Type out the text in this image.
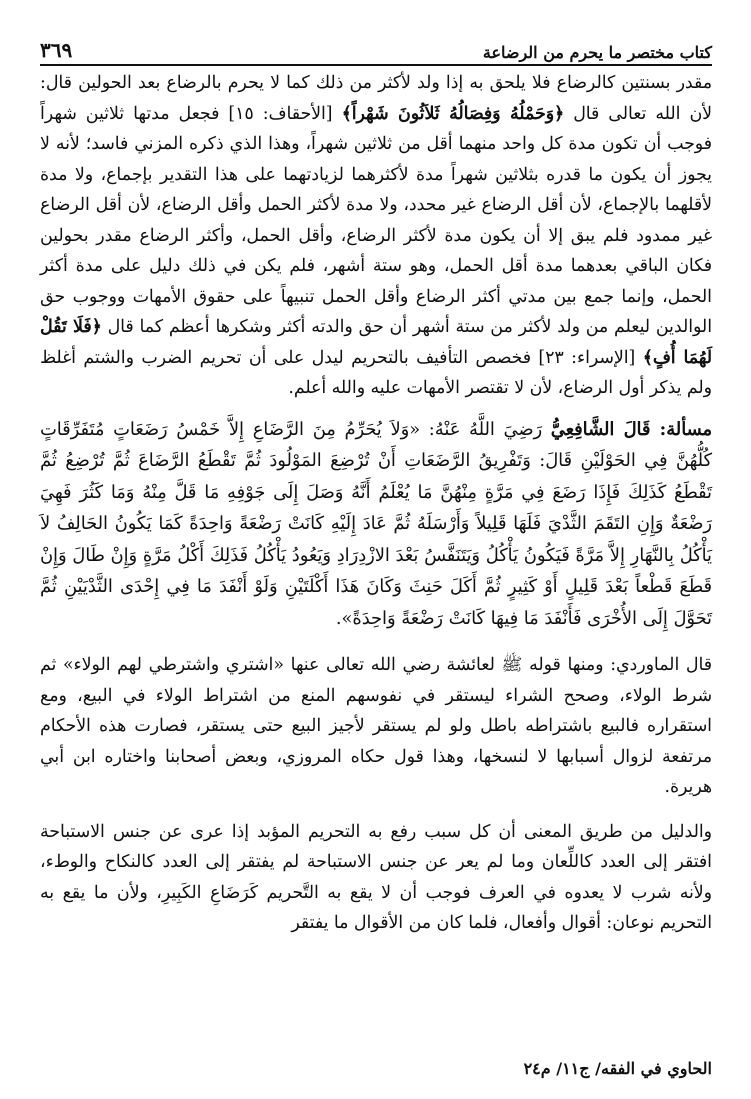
كتاب مختصر ما يحرم من الرضاعة
٣٦٩

مقدر بسنتين كالرضاع فلا يلحق به إذا ولد لأكثر من ذلك كما لا يحرم بالرضاع بعد الحولين قال: لأن الله تعالى قال ﴿وَحَمْلُهُ وَفِصَالُهُ ثَلاَثُونَ شَهْراً﴾ [الأحقاف: ١٥] فجعل مدتها ثلاثين شهراً فوجب أن تكون مدة كل واحد منهما أقل من ثلاثين شهراً، وهذا الذي ذكره المزني فاسد؛ لأنه لا يجوز أن يكون ما قدره بثلاثين شهراً مدة لأكثرهما لزيادتهما على هذا التقدير بإجماع، ولا مدة لأقلهما بالإجماع، لأن أقل الرضاع غير محدد، ولا مدة لأكثر الحمل وأقل الرضاع، لأن أقل الرضاع غير ممدود فلم يبق إلا أن يكون مدة لأكثر الرضاع، وأقل الحمل، وأكثر الرضاع مقدر بحولين فكان الباقي بعدهما مدة أقل الحمل، وهو ستة أشهر، فلم يكن في ذلك دليل على مدة أكثر الحمل، وإنما جمع بين مدتي أكثر الرضاع وأقل الحمل تنبيهاً على حقوق الأمهات ووجوب حق الوالدين ليعلم من ولد لأكثر من ستة أشهر أن حق والدته أكثر وشكرها أعظم كما قال ﴿فَلَا تَقُلْ لَهُمَا أُفٍ﴾ [الإسراء: ٢٣] فخصص التأفيف بالتحريم ليدل على أن تحريم الضرب والشتم أغلظ ولم يذكر أول الرضاع، لأن لا تقتصر الأمهات عليه والله أعلم.

مسألة: قَالَ الشَّافِعِيُّ رَضِيَ اللَّهُ عَنْهُ: «وَلاَ يُحَرِّمُ مِنَ الرَّضَاعِ إِلاَّ خَمْسُ رَضَعَاتٍ مُتَفَرِّقَاتٍ كُلُّهُنَّ فِي الحَوْلَيْنِ قَالَ: وَتَفْرِيقُ الرَّضَعَاتِ أَنْ تُرْضِعَ المَوْلُودَ ثُمَّ تَقْطَعُ الرَّضَاعَ ثُمَّ تُرْضِعُ ثُمَّ تَقْطَعُ كَذَلِكَ فَإِذَا رَضَعَ فِي مَرَّةٍ مِنْهُنَّ مَا يُعْلَمُ أَنَّهُ وَصَلَ إِلَى جَوْفِهِ مَا قَلَّ مِنْهُ وَمَا كَثُرَ فَهِيَ رَضْعَةٌ وَإِنِ التَقَمَ الثَّدْيَ فَلَهَا قَلِيلاً وَأَرْسَلَهُ ثُمَّ عَادَ إِلَيْهِ كَانَتْ رَضْعَةً وَاحِدَةً كَمَا يَكُونُ الحَالِفُ لاَ يَأْكُلُ بِالنَّهَارِ إِلاَّ مَرَّةً فَيَكُونُ يَأْكُلُ وَيَتَنَفَّسُ بَعْدَ الازْدِرَادِ وَيَعُودُ يَأْكُلُ فَذَلِكَ أَكْلُ مَرَّةٍ وَإِنْ طَالَ وَإِنْ قَطَعَ قَطْعاً بَعْدَ قَلِيلٍ أَوْ كَثِيرٍ ثُمَّ أَكَلَ حَنِثَ وَكَانَ هَذَا أَكْلَتَيْنِ وَلَوْ أَنْفَدَ مَا فِي إِحْدَى الثَّدْيَيْنِ ثُمَّ تَحَوَّلَ إِلَى الأُخْرَى فَأَنْفَدَ مَا فِيهَا كَانَتْ رَضْعَةً وَاحِدَةً».

قال الماوردي: ومنها قوله ﷺ لعائشة رضي الله تعالى عنها «اشتري واشترطي لهم الولاء» ثم شرط الولاء، وصحح الشراء ليستقر في نفوسهم المنع من اشتراط الولاء في البيع، ومع استقراره فالبيع باشتراطه باطل ولو لم يستقر لأجيز البيع حتى يستقر، فصارت هذه الأحكام مرتفعة لزوال أسبابها لا لنسخها، وهذا قول حكاه المروزي، وبعض أصحابنا واختاره ابن أبي هريرة.

والدليل من طريق المعنى أن كل سبب رفع به التحريم المؤبد إذا عرى عن جنس الاستباحة افتقر إلى العدد كاللِّعان وما لم يعر عن جنس الاستباحة لم يفتقر إلى العدد كالنكاح والوطء، ولأنه شرب لا يعدوه في العرف فوجب أن لا يقع به التَّحريم كَرَضَاعِ الكَبِيرِ، ولأن ما يقع به التحريم نوعان: أقوال وأفعال، فلما كان من الأقوال ما يفتقر

الحاوي في الفقه/ ج١١/ م٢٤
